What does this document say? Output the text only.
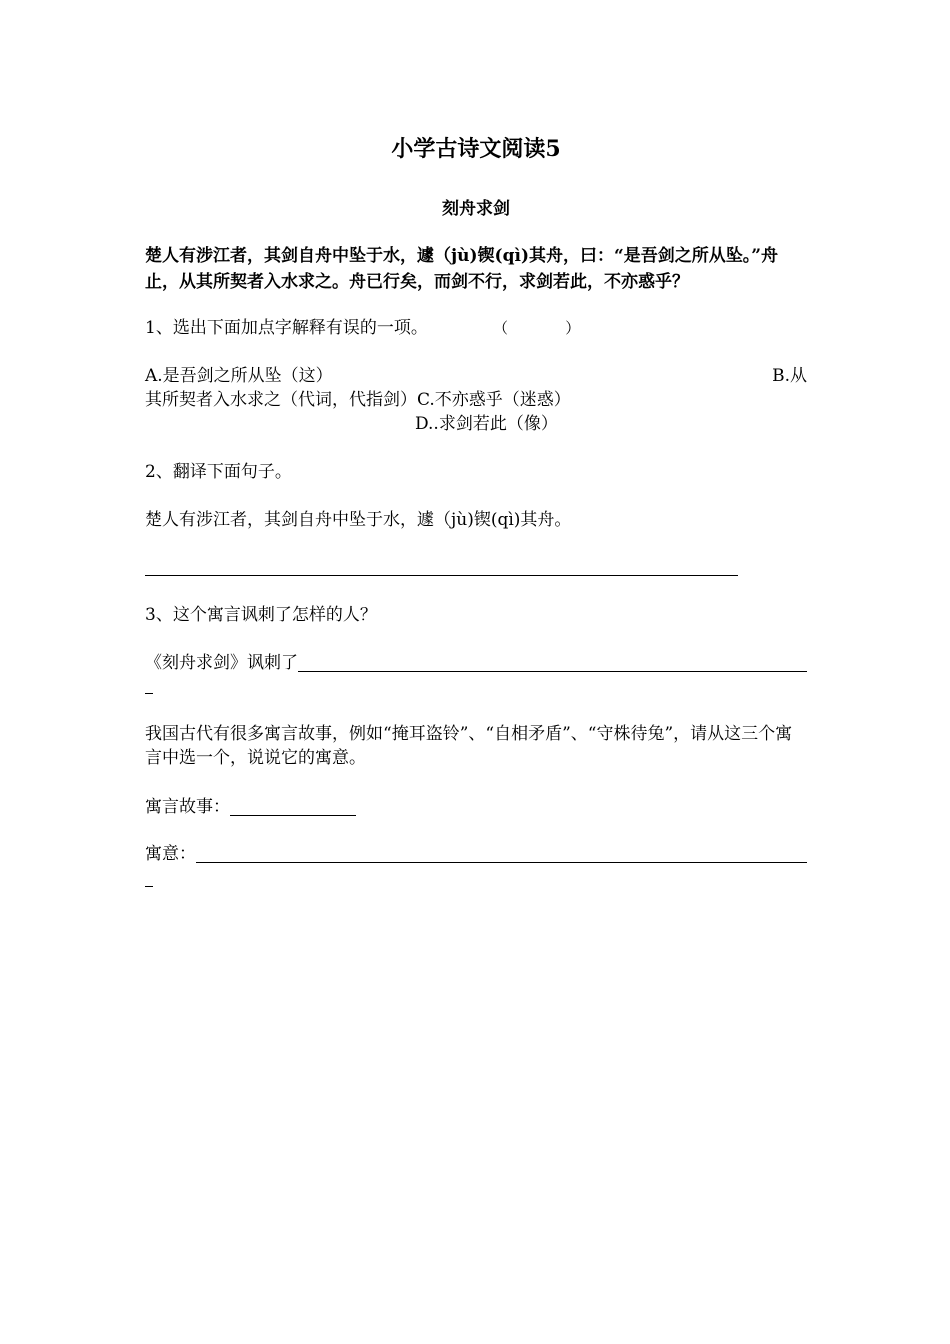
小学古诗文阅读5
刻舟求剑
楚人有涉江者，其剑自舟中坠于水，遽（jù)锲(qì)其舟，曰：“是吾剑之所从坠。”舟止，从其所契者入水求之。舟已行矣，而剑不行，求剑若此，不亦惑乎？
1、选出下面加点字解释有误的一项。	（            ）
A.是吾剑之所从坠（这）	B.从
其所契者入水求之（代词，代指剑）C.不亦惑乎（迷惑）
D..求剑若此（像）
2、翻译下面句子。
楚人有涉江者，其剑自舟中坠于水，遽（jù)锲(qì)其舟。
3、这个寓言讽刺了怎样的人？
《刻舟求剑》讽刺了
我国古代有很多寓言故事，例如“掩耳盗铃”、“自相矛盾”、“守株待兔”，请从这三个寓言中选一个，说说它的寓意。
寓言故事：
寓意：
